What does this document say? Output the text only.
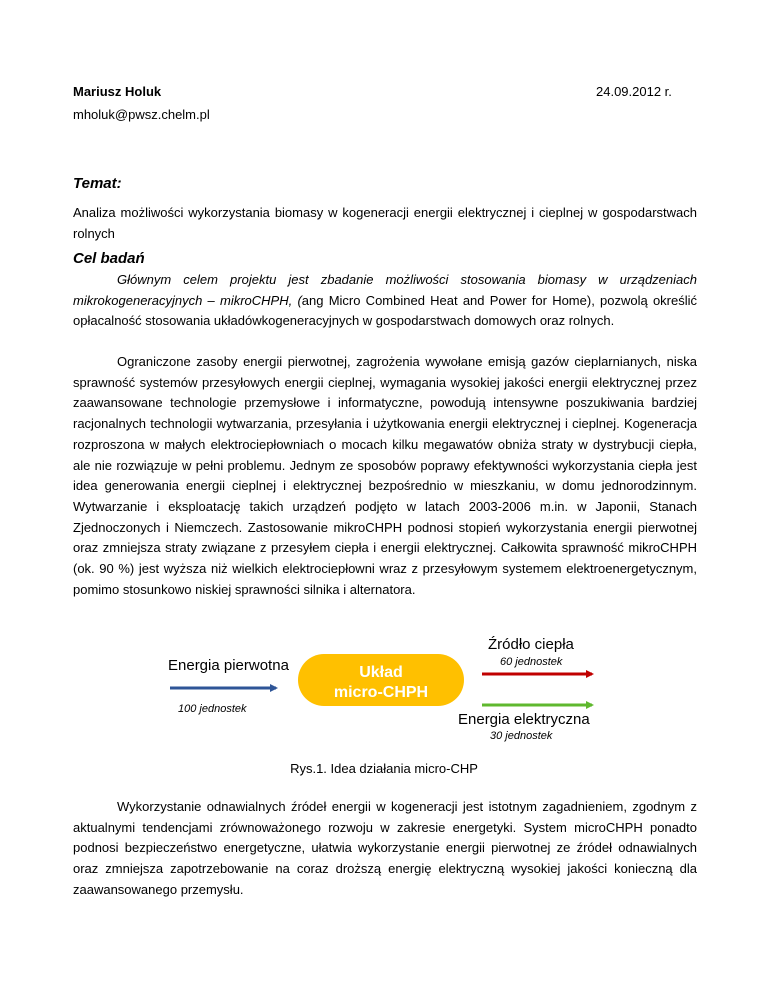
Mariusz Holuk
mholuk@pwsz.chelm.pl
24.09.2012 r.
Temat:
Analiza możliwości wykorzystania biomasy w kogeneracji energii elektrycznej i cieplnej w gospodarstwach rolnych
Cel badań
Głównym celem projektu jest zbadanie możliwości stosowania biomasy w urządzeniach mikrokogeneracyjnych – mikroCHPH, (ang Micro Combined Heat and Power for Home), pozwolą określić opłacalność stosowania układówkogeneracyjnych w gospodarstwach domowych oraz rolnych.
Ograniczone zasoby energii pierwotnej, zagrożenia wywołane emisją gazów cieplarnianych, niska sprawność systemów przesyłowych energii cieplnej, wymagania wysokiej jakości energii elektrycznej przez zaawansowane technologie przemysłowe i informatyczne, powodują intensywne poszukiwania bardziej racjonalnych technologii wytwarzania, przesyłania i użytkowania energii elektrycznej i cieplnej. Kogeneracja rozproszona w małych elektrociepłowniach o mocach kilku megawatów obniża straty w dystrybucji ciepła, ale nie rozwiązuje w pełni problemu. Jednym ze sposobów poprawy efektywności wykorzystania ciepła jest idea generowania energii cieplnej i elektrycznej bezpośrednio w mieszkaniu, w domu jednorodzinnym. Wytwarzanie i eksploatację takich urządzeń podjęto w latach 2003-2006 m.in. w Japonii, Stanach Zjednoczonych i Niemczech. Zastosowanie mikroCHPH podnosi stopień wykorzystania energii pierwotnej oraz zmniejsza straty związane z przesyłem ciepła i energii elektrycznej. Całkowita sprawność mikroCHPH (ok. 90 %) jest wyższa niż wielkich elektrociepłowni wraz z przesyłowym systemem elektroenergetycznym, pomimo stosunkowo niskiej sprawności silnika i alternatora.
Energia pierwotna
100 jednostek
Układ
micro-CHPH
Źródło ciepła
60 jednostek
Energia elektryczna
30 jednostek
Rys.1. Idea działania micro-CHP
Wykorzystanie odnawialnych źródeł energii w kogeneracji jest istotnym zagadnieniem, zgodnym z aktualnymi tendencjami zrównoważonego rozwoju w zakresie energetyki. System microCHPH ponadto podnosi bezpieczeństwo energetyczne, ułatwia wykorzystanie energii pierwotnej ze źródeł odnawialnych oraz zmniejsza zapotrzebowanie na coraz droższą energię elektryczną wysokiej jakości konieczną dla zaawansowanego przemysłu.
